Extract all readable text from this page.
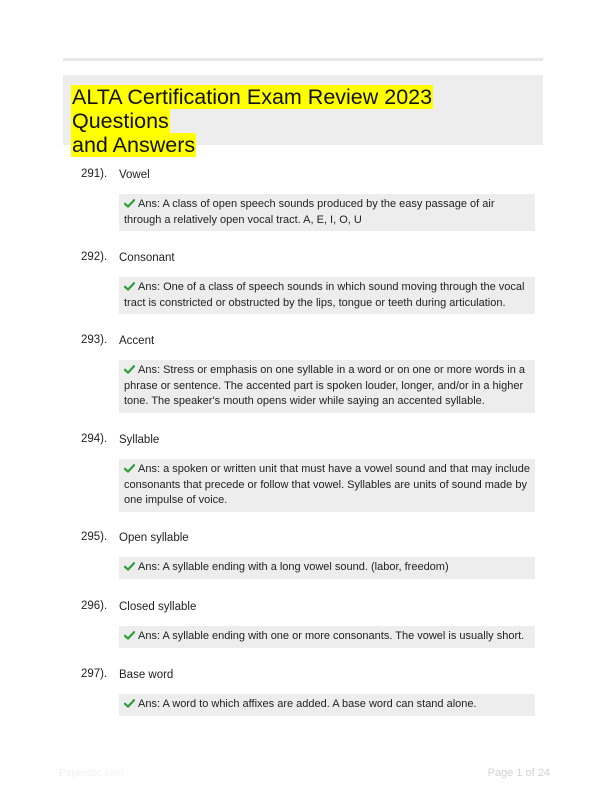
ALTA Certification Exam Review 2023 Questions
and Answers
291). Vowel
Ans: A class of open speech sounds produced by the easy passage of air through a relatively open vocal tract. A, E, I, O, U
292). Consonant
Ans: One of a class of speech sounds in which sound moving through the vocal tract is constricted or obstructed by the lips, tongue or teeth during articulation.
293). Accent
Ans: Stress or emphasis on one syllable in a word or on one or more words in a phrase or sentence. The accented part is spoken louder, longer, and/or in a higher tone. The speaker's mouth opens wider while saying an accented syllable.
294). Syllable
Ans: a spoken or written unit that must have a vowel sound and that may include consonants that precede or follow that vowel. Syllables are units of sound made by one impulse of voice.
295). Open syllable
Ans: A syllable ending with a long vowel sound. (labor, freedom)
296). Closed syllable
Ans: A syllable ending with one or more consonants. The vowel is usually short.
297). Base word
Ans: A word to which affixes are added. A base word can stand alone.
Paperdoc.com	Page 1 of 24
